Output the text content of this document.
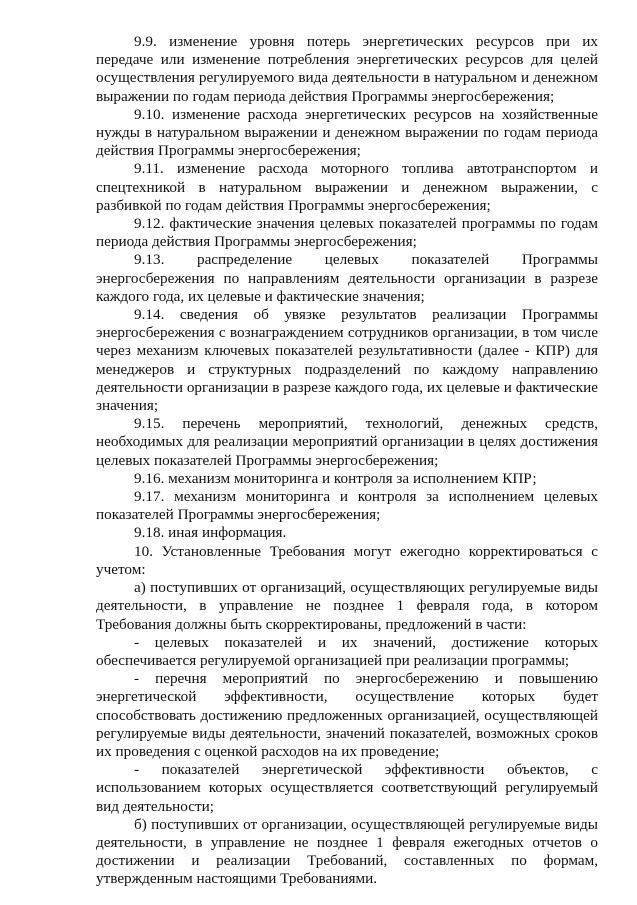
9.9. изменение уровня потерь энергетических ресурсов при их передаче или изменение потребления энергетических ресурсов для целей осуществления регулируемого вида деятельности в натуральном и денежном выражении по годам периода действия Программы энергосбережения;

9.10. изменение расхода энергетических ресурсов на хозяйственные нужды в натуральном выражении и денежном выражении по годам периода действия Программы энергосбережения;

9.11. изменение расхода моторного топлива автотранспортом и спецтехникой в натуральном выражении и денежном выражении, с разбивкой по годам действия Программы энергосбережения;

9.12. фактические значения целевых показателей программы по годам периода действия Программы энергосбережения;

9.13. распределение целевых показателей Программы энергосбережения по направлениям деятельности организации в разрезе каждого года, их целевые и фактические значения;

9.14. сведения об увязке результатов реализации Программы энергосбережения с вознаграждением сотрудников организации, в том числе через механизм ключевых показателей результативности (далее - КПР) для менеджеров и структурных подразделений по каждому направлению деятельности организации в разрезе каждого года, их целевые и фактические значения;

9.15. перечень мероприятий, технологий, денежных средств, необходимых для реализации мероприятий организации в целях достижения целевых показателей Программы энергосбережения;

9.16. механизм мониторинга и контроля за исполнением КПР;

9.17. механизм мониторинга и контроля за исполнением целевых показателей Программы энергосбережения;

9.18. иная информация.

10. Установленные Требования могут ежегодно корректироваться с учетом:

а) поступивших от организаций, осуществляющих регулируемые виды деятельности, в управление не позднее 1 февраля года, в котором Требования должны быть скорректированы, предложений в части:

- целевых показателей и их значений, достижение которых обеспечивается регулируемой организацией при реализации программы;

- перечня мероприятий по энергосбережению и повышению энергетической эффективности, осуществление которых будет способствовать достижению предложенных организацией, осуществляющей регулируемые виды деятельности, значений показателей, возможных сроков их проведения с оценкой расходов на их проведение;

- показателей энергетической эффективности объектов, с использованием которых осуществляется соответствующий регулируемый вид деятельности;

б) поступивших от организации, осуществляющей регулируемые виды деятельности, в управление не позднее 1 февраля ежегодных отчетов о достижении и реализации Требований, составленных по формам, утвержденным настоящими Требованиями.
